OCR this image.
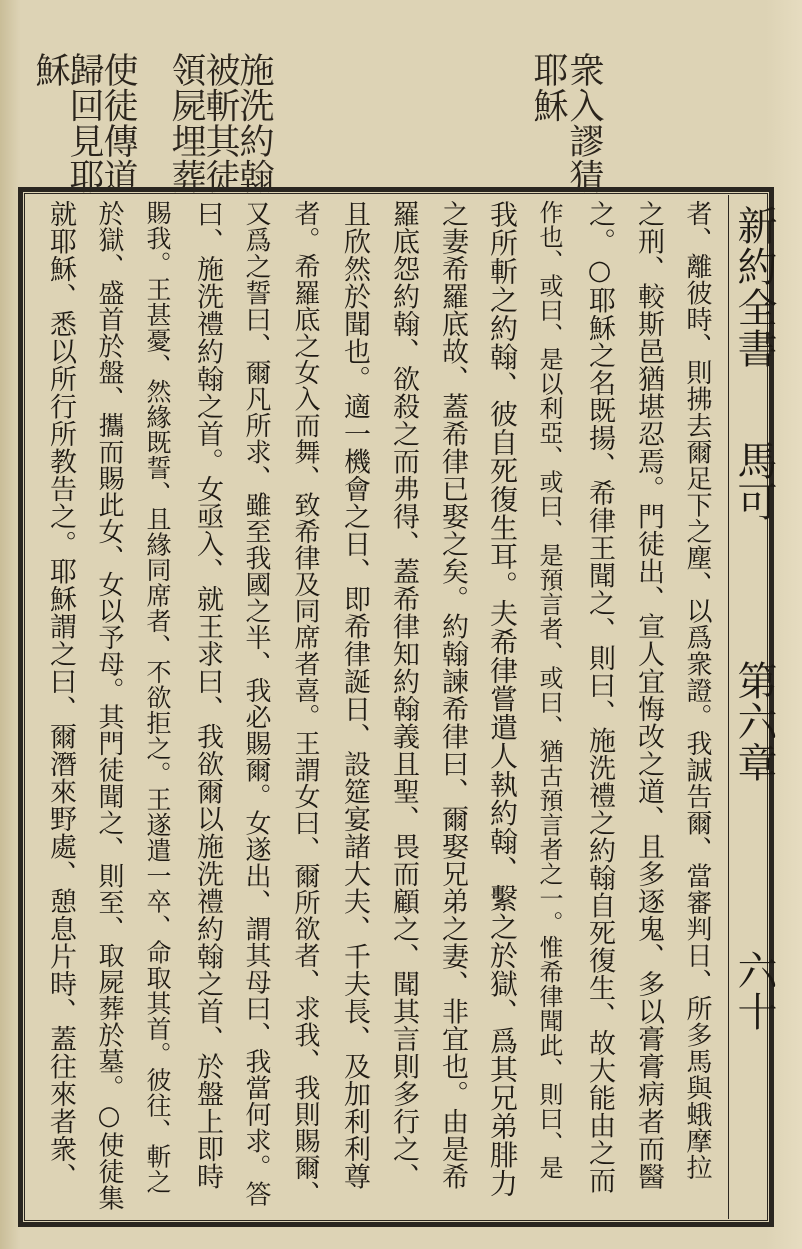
衆入謬猜
耶穌
施洗約翰
被斬其徒
領屍埋葬
使徒傳道
歸回見耶
穌
新約全書
馬可
第六章
六十
者、離彼時、則拂去爾足下之塵、以爲衆證。我誠告爾、當審判日、所多馬與蛾摩拉
之刑、較斯邑猶堪忍焉。門徒出、宣人宜悔改之道、且多逐鬼、多以膏膏病者而醫
之。○耶穌之名既揚、希律王聞之、則曰、施洗禮之約翰自死復生、故大能由之而
作也、或曰、是以利亞、或曰、是預言者、或曰、猶古預言者之一。惟希律聞此、則曰、是
我所斬之約翰、彼自死復生耳。夫希律嘗遣人執約翰、繫之於獄、爲其兄弟腓力
之妻希羅底故、蓋希律已娶之矣。約翰諫希律曰、爾娶兄弟之妻、非宜也。由是希
羅底怨約翰、欲殺之而弗得、蓋希律知約翰義且聖、畏而顧之、聞其言則多行之、
且欣然於聞也。適一機會之日、即希律誕日、設筵宴諸大夫、千夫長、及加利利尊
者。希羅底之女入而舞、致希律及同席者喜。王謂女曰、爾所欲者、求我、我則賜爾、
又爲之誓曰、爾凡所求、雖至我國之半、我必賜爾。女遂出、謂其母曰、我當何求。答
曰、施洗禮約翰之首。女亟入、就王求曰、我欲爾以施洗禮約翰之首、於盤上即時
賜我。王甚憂、然緣既誓、且緣同席者、不欲拒之。王遂遣一卒、命取其首。彼往、斬之
於獄、盛首於盤、攜而賜此女、女以予母。其門徒聞之、則至、取屍葬於墓。○使徒集
就耶穌、悉以所行所教告之。耶穌謂之曰、爾潛來野處、憩息片時、蓋往來者衆、
